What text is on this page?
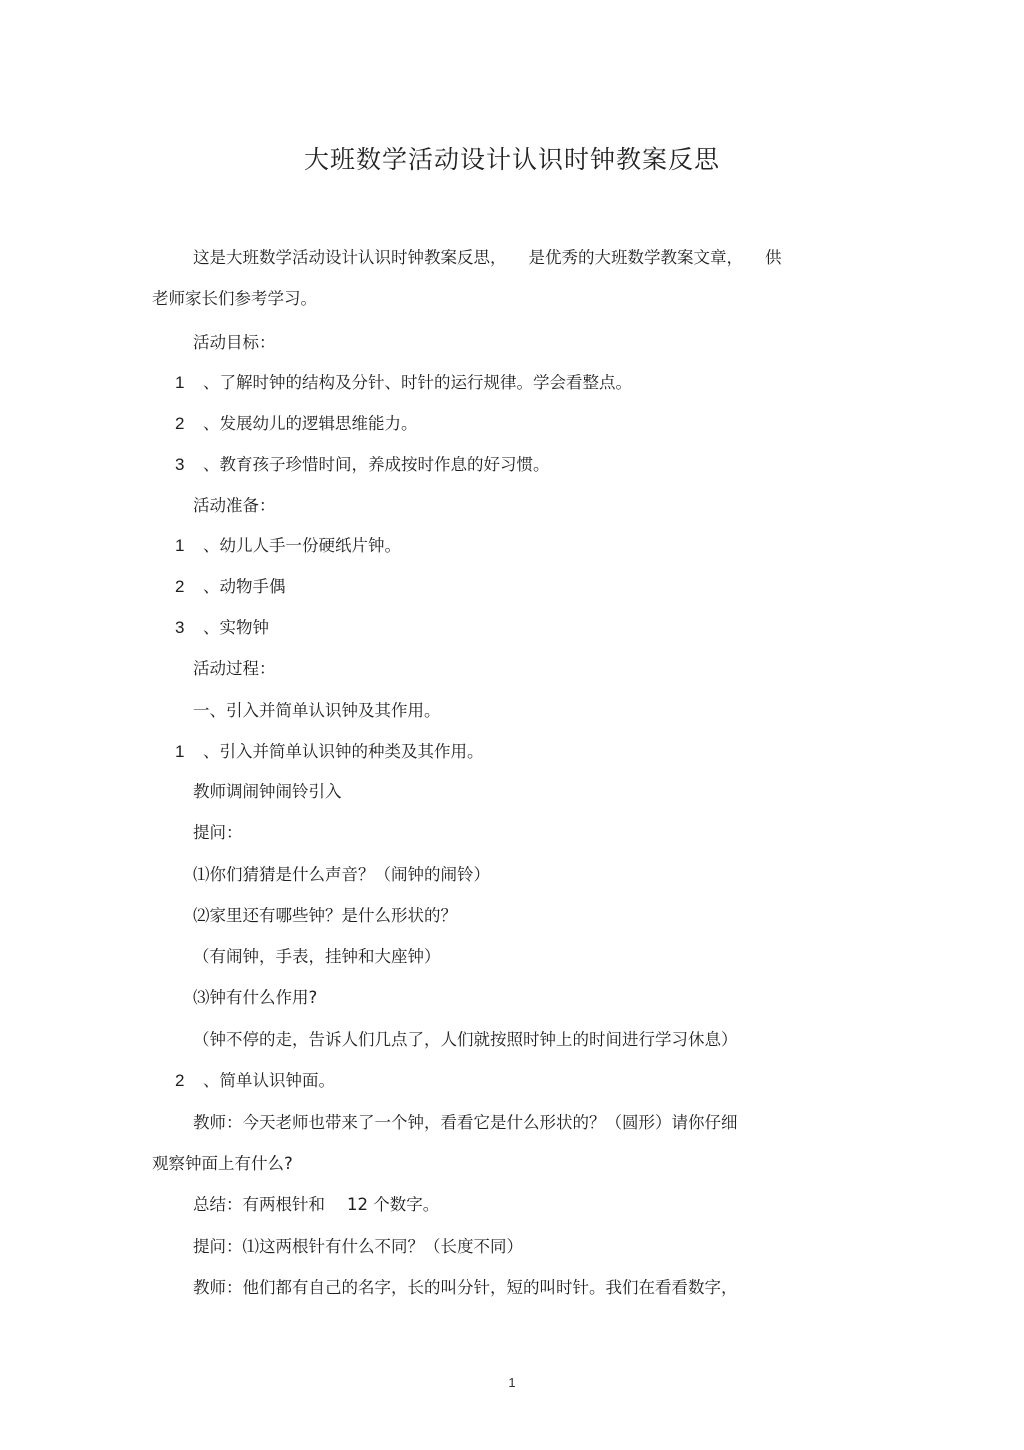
大班数学活动设计认识时钟教案反思
这是大班数学活动设计认识时钟教案反思， 是优秀的大班数学教案文章， 供
老师家长们参考学习。
活动目标：
1 、了解时钟的结构及分针、时针的运行规律。学会看整点。
2 、发展幼儿的逻辑思维能力。
3 、教育孩子珍惜时间，养成按时作息的好习惯。
活动准备：
1 、幼儿人手一份硬纸片钟。
2 、动物手偶
3 、实物钟
活动过程：
一、引入并简单认识钟及其作用。
1 、引入并简单认识钟的种类及其作用。
教师调闹钟闹铃引入
提问：
⑴你们猜猜是什么声音？（闹钟的闹铃）
⑵家里还有哪些钟？是什么形状的？
（有闹钟，手表，挂钟和大座钟）
⑶钟有什么作用?
（钟不停的走，告诉人们几点了，人们就按照时钟上的时间进行学习休息）
2 、简单认识钟面。
教师：今天老师也带来了一个钟，看看它是什么形状的？（圆形）请你仔细
观察钟面上有什么?
总结：有两根针和 12 个数字。
提问：⑴这两根针有什么不同？（长度不同）
教师：他们都有自己的名字，长的叫分针，短的叫时针。我们在看看数字，
1
